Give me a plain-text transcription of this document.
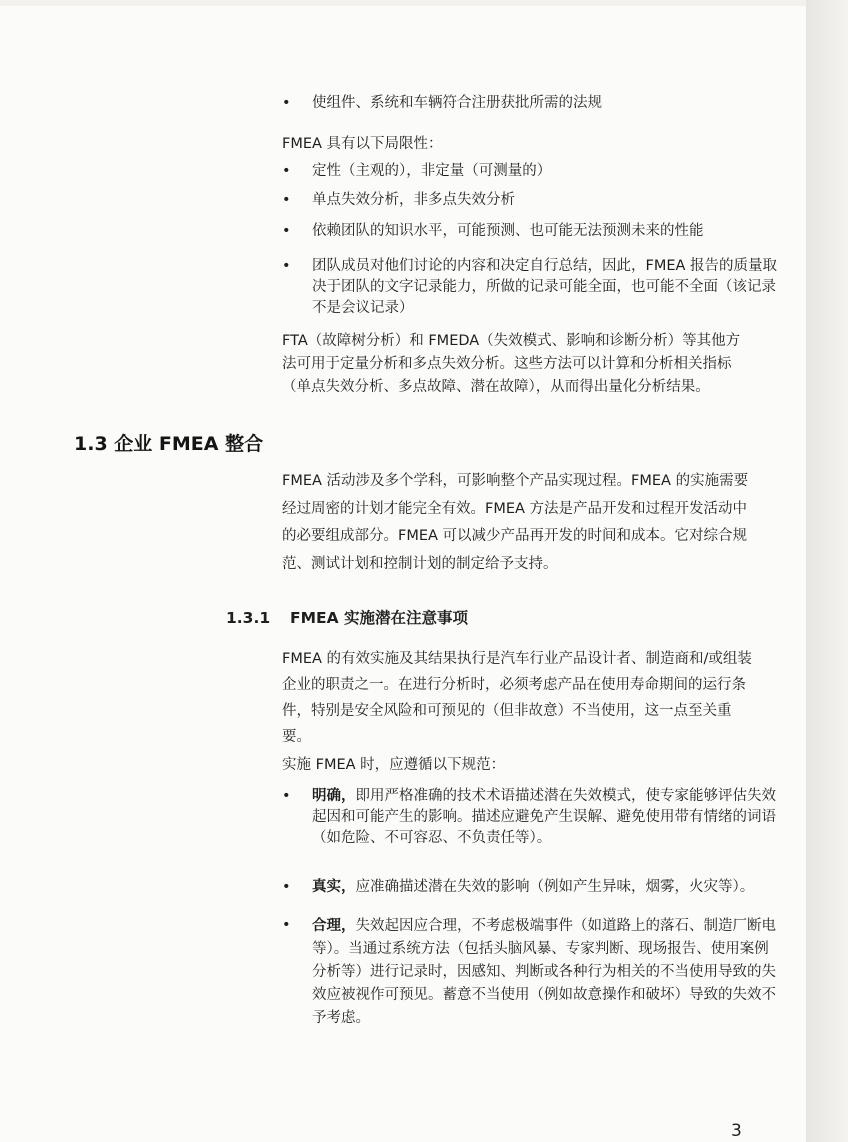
•	使组件、系统和车辆符合注册获批所需的法规
FMEA 具有以下局限性：
•	定性（主观的），非定量（可测量的）
•	单点失效分析，非多点失效分析
•	依赖团队的知识水平，可能预测、也可能无法预测未来的性能
•	团队成员对他们讨论的内容和决定自行总结，因此，FMEA 报告的质量取决于团队的文字记录能力，所做的记录可能全面，也可能不全面（该记录不是会议记录）
FTA（故障树分析）和 FMEDA（失效模式、影响和诊断分析）等其他方法可用于定量分析和多点失效分析。这些方法可以计算和分析相关指标（单点失效分析、多点故障、潜在故障），从而得出量化分析结果。
1.3 企业 FMEA 整合
FMEA 活动涉及多个学科，可影响整个产品实现过程。FMEA 的实施需要经过周密的计划才能完全有效。FMEA 方法是产品开发和过程开发活动中的必要组成部分。FMEA 可以减少产品再开发的时间和成本。它对综合规范、测试计划和控制计划的制定给予支持。
1.3.1 FMEA 实施潜在注意事项
FMEA 的有效实施及其结果执行是汽车行业产品设计者、制造商和/或组装企业的职责之一。在进行分析时，必须考虑产品在使用寿命期间的运行条件，特别是安全风险和可预见的（但非故意）不当使用，这一点至关重要。
实施 FMEA 时，应遵循以下规范：
•	明确，即用严格准确的技术术语描述潜在失效模式，使专家能够评估失效起因和可能产生的影响。描述应避免产生误解、避免使用带有情绪的词语（如危险、不可容忍、不负责任等）。
•	真实，应准确描述潜在失效的影响（例如产生异味，烟雾，火灾等）。
•	合理，失效起因应合理，不考虑极端事件（如道路上的落石、制造厂断电等）。当通过系统方法（包括头脑风暴、专家判断、现场报告、使用案例分析等）进行记录时，因感知、判断或各种行为相关的不当使用导致的失效应被视作可预见。蓄意不当使用（例如故意操作和破坏）导致的失效不予考虑。
3
